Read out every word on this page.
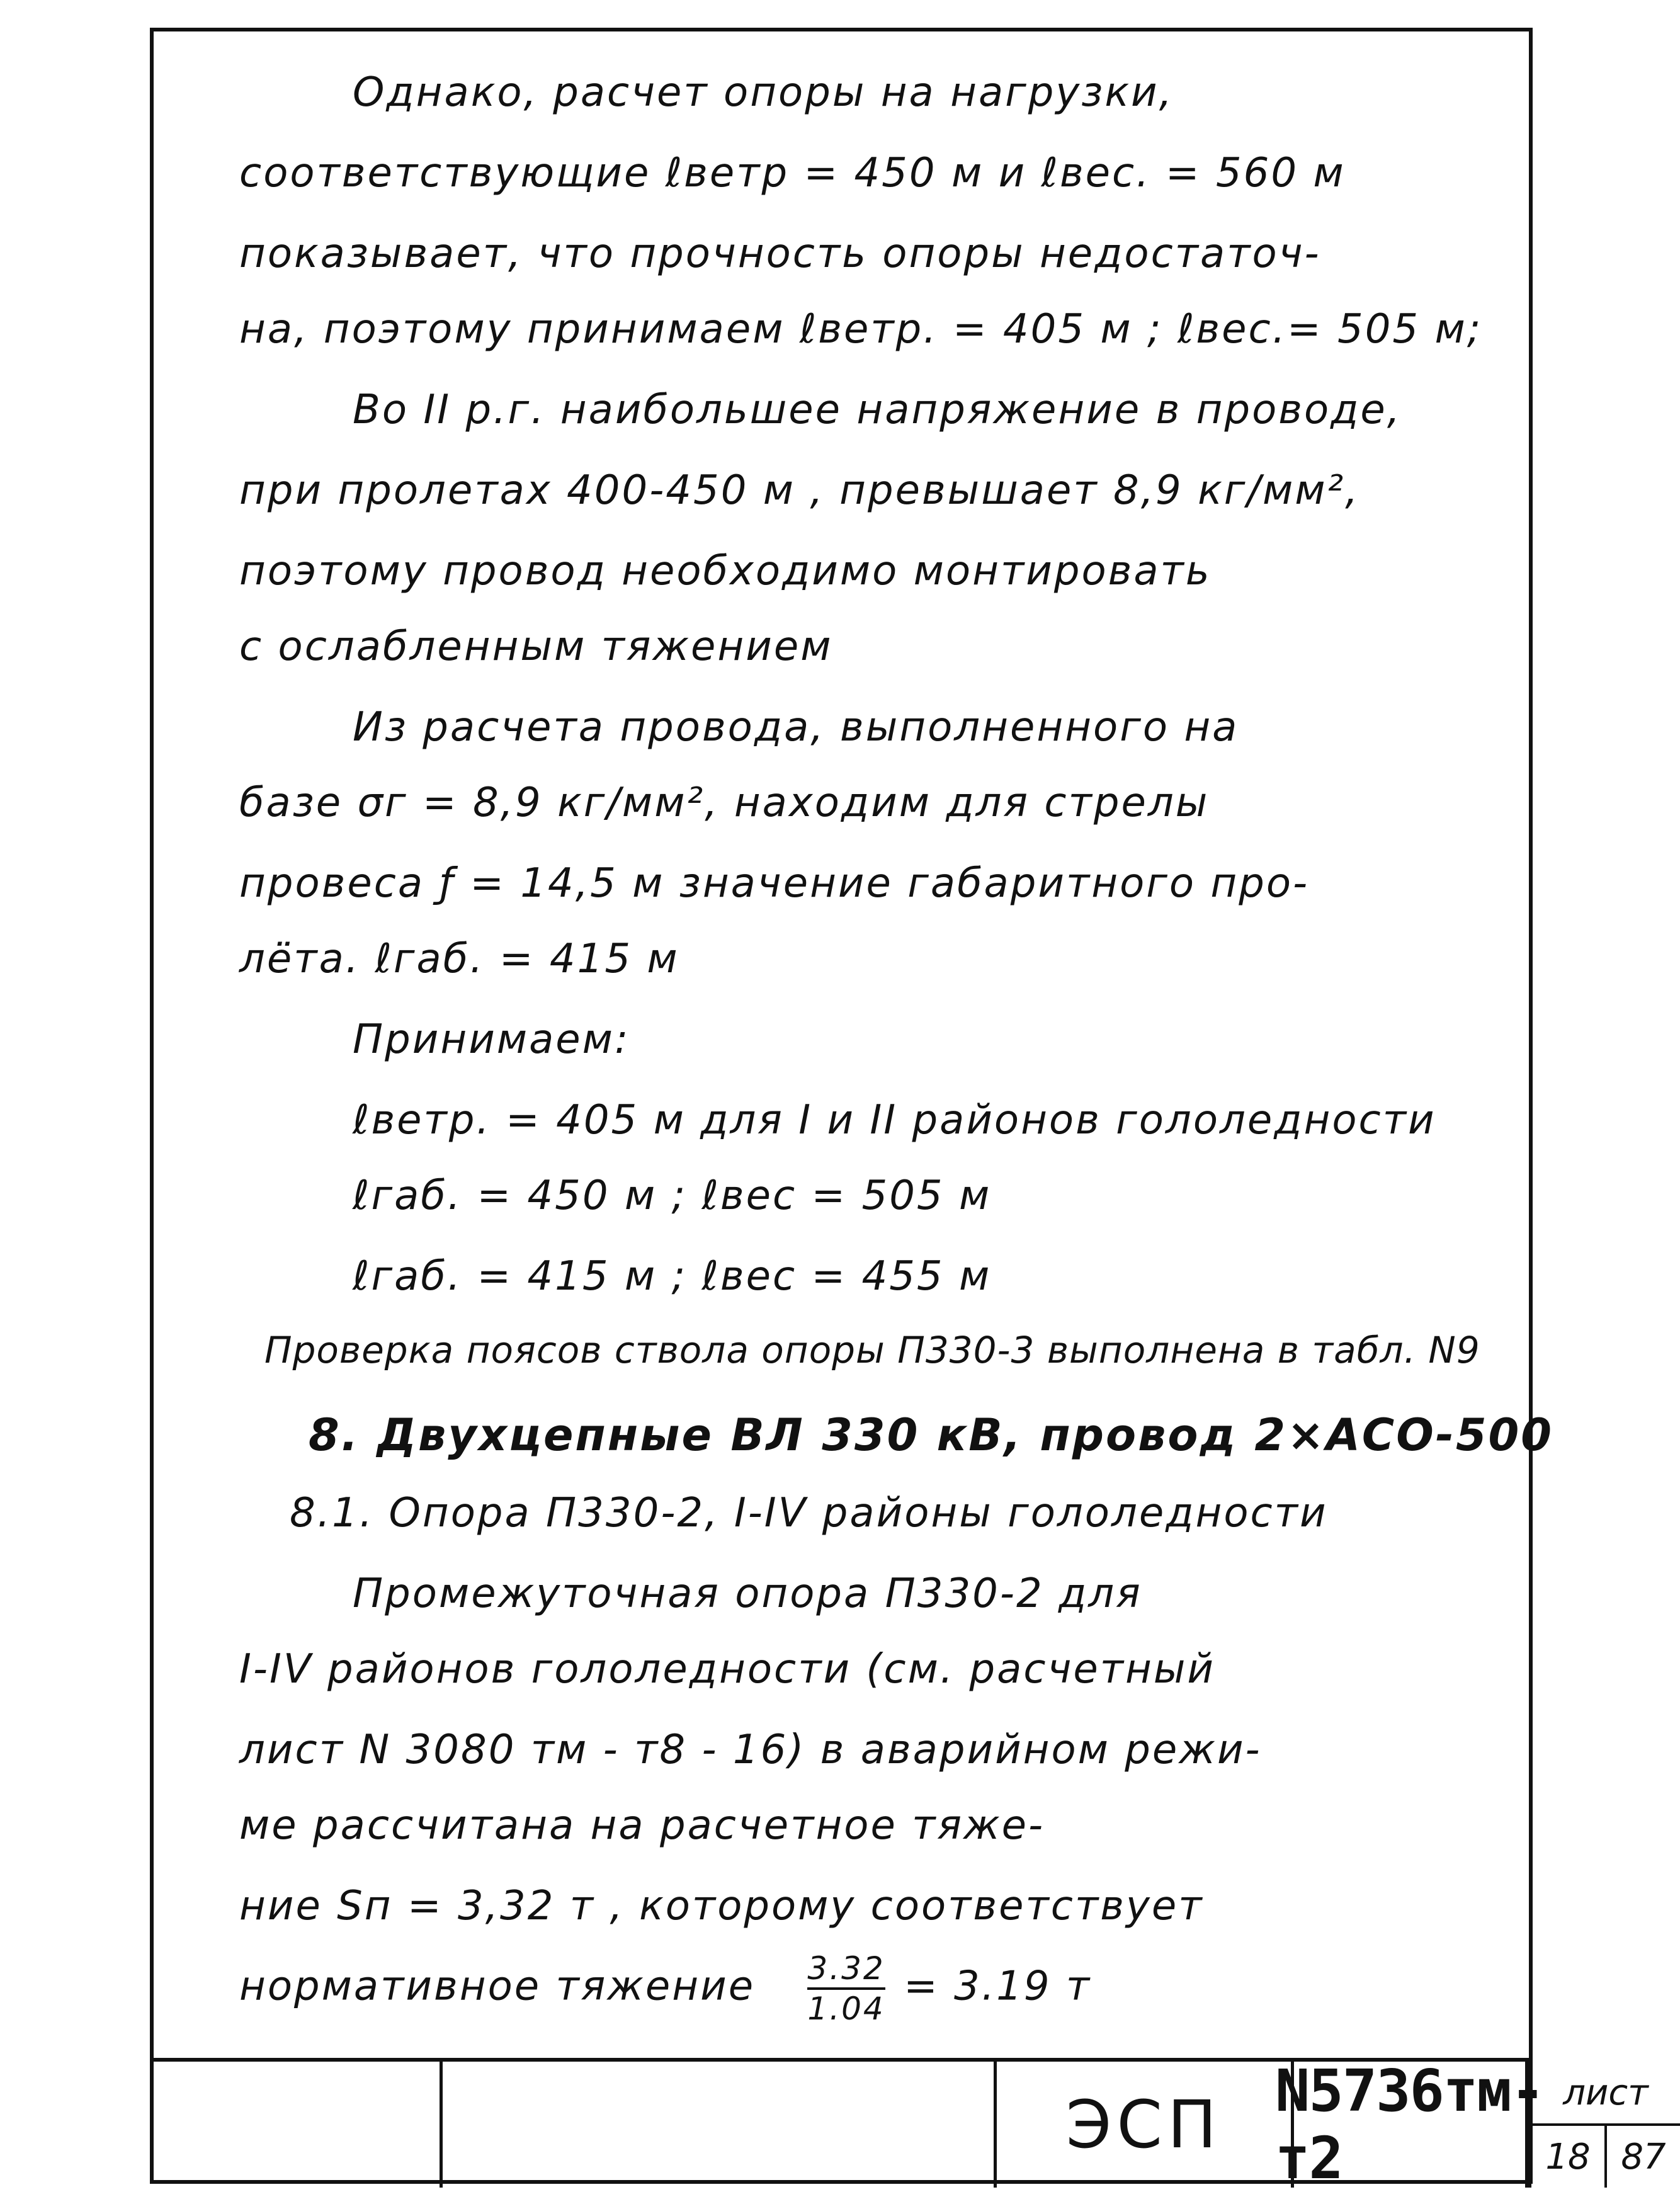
Однако, расчет опоры на нагрузки,
соответствующие ℓветр = 450 м и ℓвес. = 560 м
показывает, что прочность опоры недостаточ-
на, поэтому принимаем ℓветр. = 405 м ; ℓвес.= 505 м;
Во II р.г. наибольшее напряжение в проводе,
при пролетах 400-450 м , превышает 8,9 кг/мм²,
поэтому провод необходимо монтировать
с ослабленным тяжением
Из расчета провода, выполненного на
базе σг = 8,9 кг/мм², находим для стрелы
провеса ƒ = 14,5 м значение габаритного про-
лёта. ℓгаб. = 415 м
Принимаем:
ℓветр. = 405 м для I и II районов гололедности
ℓгаб. = 450 м ; ℓвес = 505 м
ℓгаб. = 415 м ; ℓвес = 455 м
Проверка поясов ствола опоры П330-3 выполнена в табл. N9
8. Двухцепные ВЛ 330 кВ, провод 2×АСО-500
8.1. Опора П330-2, I-IV районы гололедности
Промежуточная опора П330-2 для
I-IV районов гололедности (см. расчетный
лист N 3080 тм - т8 - 16) в аварийном режи-
ме рассчитана на расчетное тяже-
ние Sп = 3,32 т , которому соответствует
нормативное тяжение $\frac{3.32}{1.04} = 3.19$ т
ЭСП N5736тм-т2
лист
18 87
